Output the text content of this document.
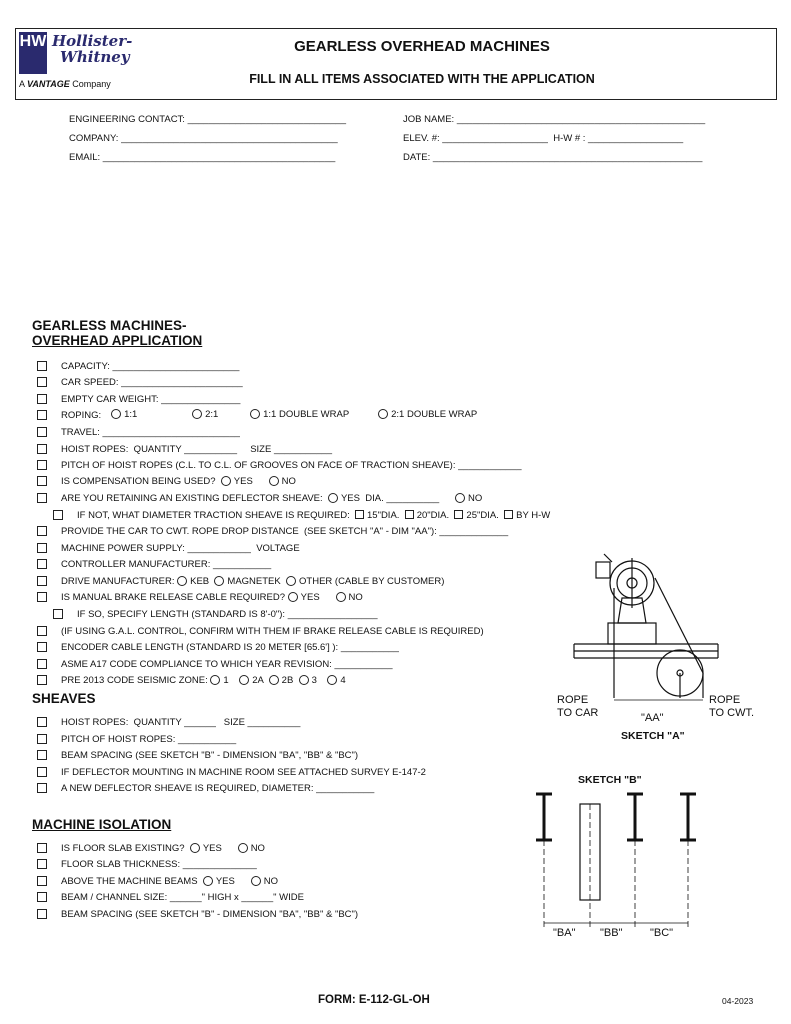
HW Hollister-
Whitney
A VANTAGE Company
GEARLESS OVERHEAD MACHINES
FILL IN ALL ITEMS ASSOCIATED WITH THE APPLICATION
ENGINEERING CONTACT: ______________________________
COMPANY: _________________________________________
EMAIL: ____________________________________________
JOB NAME: _______________________________________________
ELEV. #: ____________________  H-W # : __________________
DATE: ___________________________________________________
GEARLESS MACHINES-
OVERHEAD APPLICATION
CAPACITY: ________________________
CAR SPEED: _______________________
EMPTY CAR WEIGHT: _______________
ROPING:	1:1	2:1	1:1 DOUBLE WRAP	2:1 DOUBLE WRAP
TRAVEL: __________________________
HOIST ROPES:  QUANTITY __________     SIZE ___________
PITCH OF HOIST ROPES (C.L. TO C.L. OF GROOVES ON FACE OF TRACTION SHEAVE): ____________
IS COMPENSATION BEING USED? YES	NO
ARE YOU RETAINING AN EXISTING DEFLECTOR SHEAVE: YES  DIA. __________	NO
IF NOT, WHAT DIAMETER TRACTION SHEAVE IS REQUIRED: 15"DIA. 20"DIA. 25"DIA. BY H-W
PROVIDE THE CAR TO CWT. ROPE DROP DISTANCE  (SEE SKETCH "A" - DIM "AA"): _____________
MACHINE POWER SUPPLY: ____________  VOLTAGE
CONTROLLER MANUFACTURER: ___________
DRIVE MANUFACTURER: KEB MAGNETEK OTHER (CABLE BY CUSTOMER)
IS MANUAL BRAKE RELEASE CABLE REQUIRED? YES	NO
IF SO, SPECIFY LENGTH (STANDARD IS 8'-0"): _________________
(IF USING G.A.L. CONTROL, CONFIRM WITH THEM IF BRAKE RELEASE CABLE IS REQUIRED)
ENCODER CABLE LENGTH (STANDARD IS 20 METER [65.6'] ): ___________
ASME A17 CODE COMPLIANCE TO WHICH YEAR REVISION: ___________
PRE 2013 CODE SEISMIC ZONE: 1 2A 2B 3 4
SHEAVES
HOIST ROPES:  QUANTITY ______   SIZE __________
PITCH OF HOIST ROPES: ___________
BEAM SPACING (SEE SKETCH "B" - DIMENSION "BA", "BB" & "BC")
IF DEFLECTOR MOUNTING IN MACHINE ROOM SEE ATTACHED SURVEY E-147-2
A NEW DEFLECTOR SHEAVE IS REQUIRED, DIAMETER: ___________
MACHINE ISOLATION
IS FLOOR SLAB EXISTING? YES	NO
FLOOR SLAB THICKNESS: ______________
ABOVE THE MACHINE BEAMS YES	NO
BEAM / CHANNEL SIZE: ______" HIGH x ______" WIDE
BEAM SPACING (SEE SKETCH "B" - DIMENSION "BA", "BB" & "BC")
ROPE
TO CAR
ROPE
TO CWT.
"AA"
SKETCH "A"
SKETCH "B"
"BA" "BB"	"BC"
FORM: E-112-GL-OH	04-2023
